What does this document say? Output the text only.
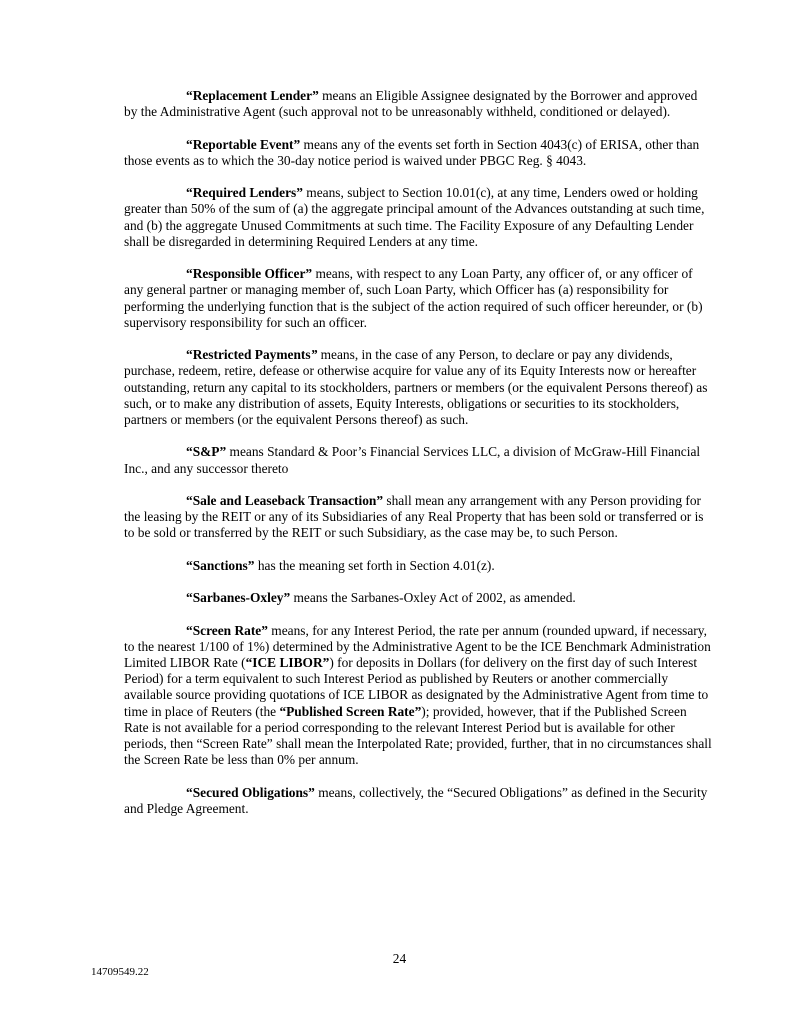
“Replacement Lender” means an Eligible Assignee designated by the Borrower and approved by the Administrative Agent (such approval not to be unreasonably withheld, conditioned or delayed).

“Reportable Event” means any of the events set forth in Section 4043(c) of ERISA, other than those events as to which the 30-day notice period is waived under PBGC Reg. § 4043.

“Required Lenders” means, subject to Section 10.01(c), at any time, Lenders owed or holding greater than 50% of the sum of (a) the aggregate principal amount of the Advances outstanding at such time, and (b) the aggregate Unused Commitments at such time. The Facility Exposure of any Defaulting Lender shall be disregarded in determining Required Lenders at any time.

“Responsible Officer” means, with respect to any Loan Party, any officer of, or any officer of any general partner or managing member of, such Loan Party, which Officer has (a) responsibility for performing the underlying function that is the subject of the action required of such officer hereunder, or (b) supervisory responsibility for such an officer.

“Restricted Payments” means, in the case of any Person, to declare or pay any dividends, purchase, redeem, retire, defease or otherwise acquire for value any of its Equity Interests now or hereafter outstanding, return any capital to its stockholders, partners or members (or the equivalent Persons thereof) as such, or to make any distribution of assets, Equity Interests, obligations or securities to its stockholders, partners or members (or the equivalent Persons thereof) as such.

“S&P” means Standard & Poor’s Financial Services LLC, a division of McGraw-Hill Financial Inc., and any successor thereto

“Sale and Leaseback Transaction” shall mean any arrangement with any Person providing for the leasing by the REIT or any of its Subsidiaries of any Real Property that has been sold or transferred or is to be sold or transferred by the REIT or such Subsidiary, as the case may be, to such Person.

“Sanctions” has the meaning set forth in Section 4.01(z).

“Sarbanes-Oxley” means the Sarbanes-Oxley Act of 2002, as amended.

“Screen Rate” means, for any Interest Period, the rate per annum (rounded upward, if necessary, to the nearest 1/100 of 1%) determined by the Administrative Agent to be the ICE Benchmark Administration Limited LIBOR Rate (“ICE LIBOR”) for deposits in Dollars (for delivery on the first day of such Interest Period) for a term equivalent to such Interest Period as published by Reuters or another commercially available source providing quotations of ICE LIBOR as designated by the Administrative Agent from time to time in place of Reuters (the “Published Screen Rate”); provided, however, that if the Published Screen Rate is not available for a period corresponding to the relevant Interest Period but is available for other periods, then “Screen Rate” shall mean the Interpolated Rate; provided, further, that in no circumstances shall the Screen Rate be less than 0% per annum.

“Secured Obligations” means, collectively, the “Secured Obligations” as defined in the Security and Pledge Agreement.

24
14709549.22
